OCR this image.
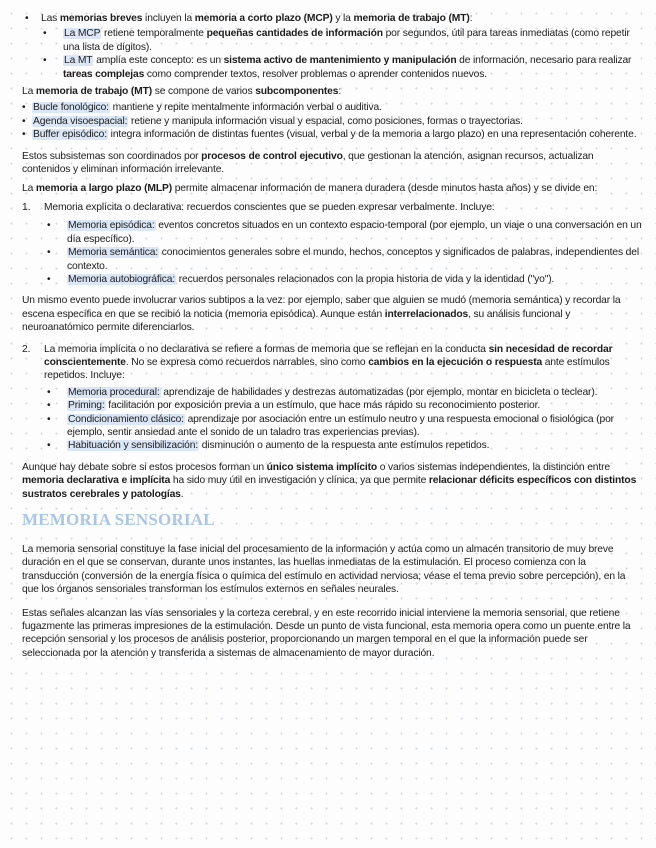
• Las memorias breves incluyen la memoria a corto plazo (MCP) y la memoria de trabajo (MT):
• La MCP retiene temporalmente pequeñas cantidades de información por segundos, útil para tareas inmediatas (como repetir una lista de dígitos).
• La MT amplía este concepto: es un sistema activo de mantenimiento y manipulación de información, necesario para realizar tareas complejas como comprender textos, resolver problemas o aprender contenidos nuevos.

La memoria de trabajo (MT) se compone de varios subcomponentes:

• Bucle fonológico: mantiene y repite mentalmente información verbal o auditiva.
• Agenda visoespacial: retiene y manipula información visual y espacial, como posiciones, formas o trayectorias.
• Buffer episódico: integra información de distintas fuentes (visual, verbal y de la memoria a largo plazo) en una representación coherente.

Estos subsistemas son coordinados por procesos de control ejecutivo, que gestionan la atención, asignan recursos, actualizan contenidos y eliminan información irrelevante.

La memoria a largo plazo (MLP) permite almacenar información de manera duradera (desde minutos hasta años) y se divide en:

1. Memoria explícita o declarativa: recuerdos conscientes que se pueden expresar verbalmente. Incluye:
• Memoria episódica: eventos concretos situados en un contexto espacio-temporal (por ejemplo, un viaje o una conversación en un día específico).
• Memoria semántica: conocimientos generales sobre el mundo, hechos, conceptos y significados de palabras, independientes del contexto.
• Memoria autobiográfica: recuerdos personales relacionados con la propia historia de vida y la identidad ("yo").

Un mismo evento puede involucrar varios subtipos a la vez: por ejemplo, saber que alguien se mudó (memoria semántica) y recordar la escena específica en que se recibió la noticia (memoria episódica). Aunque están interrelacionados, su análisis funcional y neuroanatómico permite diferenciarlos.

2. La memoria implícita o no declarativa se refiere a formas de memoria que se reflejan en la conducta sin necesidad de recordar conscientemente. No se expresa como recuerdos narrables, sino como cambios en la ejecución o respuesta ante estímulos repetidos. Incluye:
• Memoria procedural: aprendizaje de habilidades y destrezas automatizadas (por ejemplo, montar en bicicleta o teclear).
• Priming: facilitación por exposición previa a un estímulo, que hace más rápido su reconocimiento posterior.
• Condicionamiento clásico: aprendizaje por asociación entre un estímulo neutro y una respuesta emocional o fisiológica (por ejemplo, sentir ansiedad ante el sonido de un taladro tras experiencias previas).
• Habituación y sensibilización: disminución o aumento de la respuesta ante estímulos repetidos.

Aunque hay debate sobre si estos procesos forman un único sistema implícito o varios sistemas independientes, la distinción entre memoria declarativa e implícita ha sido muy útil en investigación y clínica, ya que permite relacionar déficits específicos con distintos sustratos cerebrales y patologías.

MEMORIA SENSORIAL

La memoria sensorial constituye la fase inicial del procesamiento de la información y actúa como un almacén transitorio de muy breve duración en el que se conservan, durante unos instantes, las huellas inmediatas de la estimulación. El proceso comienza con la transducción (conversión de la energía física o química del estímulo en actividad nerviosa; véase el tema previo sobre percepción), en la que los órganos sensoriales transforman los estímulos externos en señales neurales.

Estas señales alcanzan las vías sensoriales y la corteza cerebral, y en este recorrido inicial interviene la memoria sensorial, que retiene fugazmente las primeras impresiones de la estimulación. Desde un punto de vista funcional, esta memoria opera como un puente entre la recepción sensorial y los procesos de análisis posterior, proporcionando un margen temporal en el que la información puede ser seleccionada por la atención y transferida a sistemas de almacenamiento de mayor duración.
